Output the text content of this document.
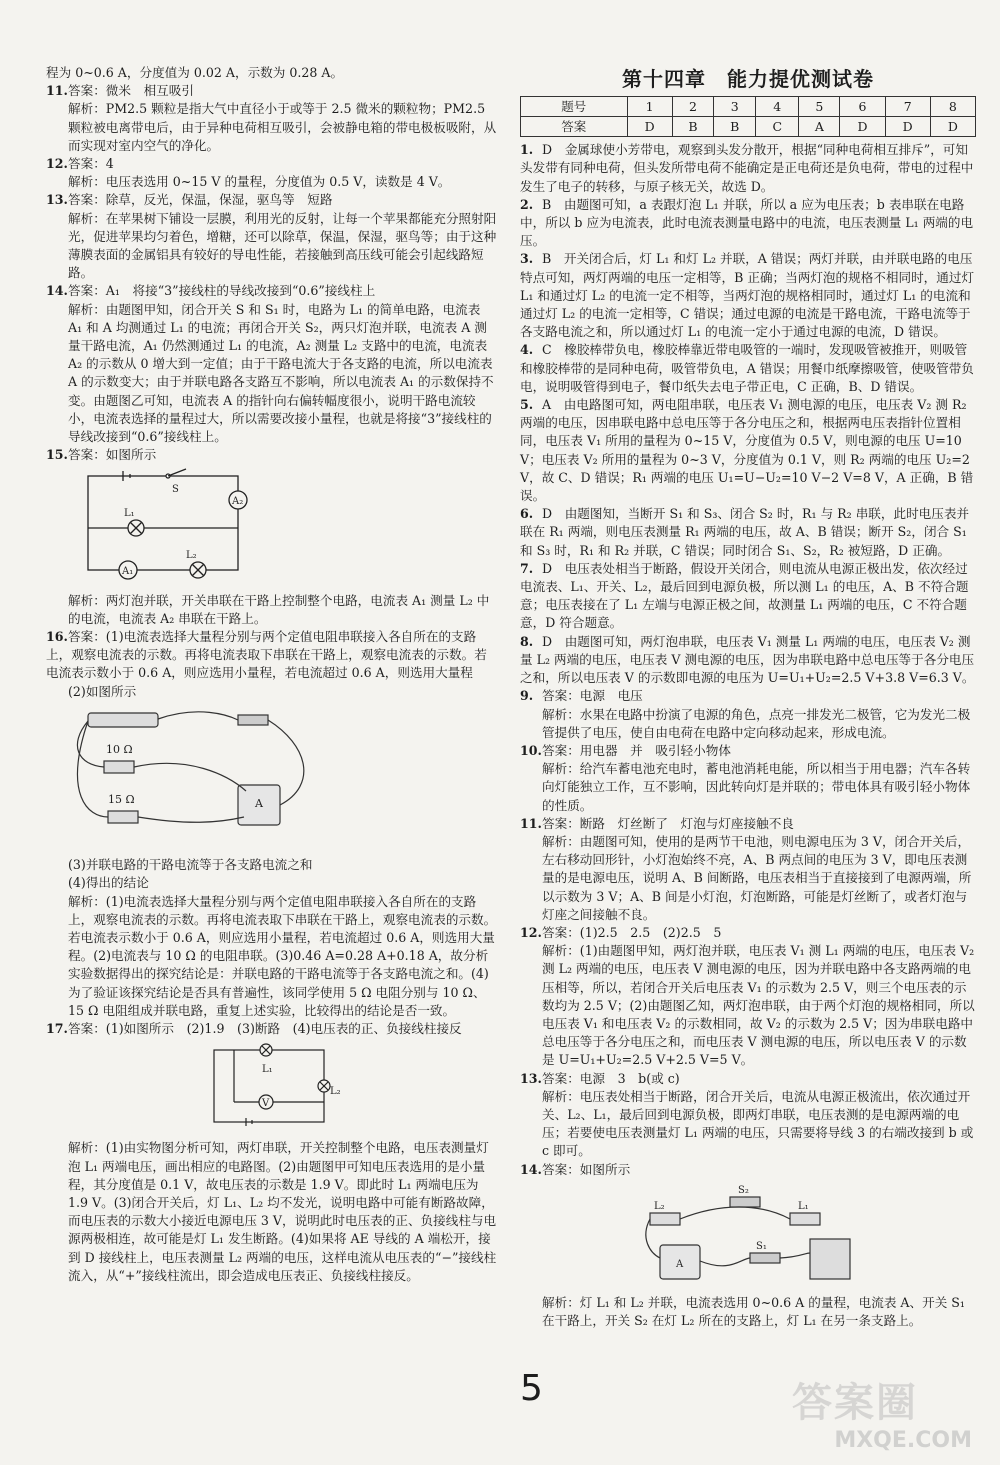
程为 0~0.6 A，分度值为 0.02 A，示数为 0.28 A。

11.答案：微米　相互吸引

解析：PM2.5 颗粒是指大气中直径小于或等于 2.5 微米的颗粒物；PM2.5 颗粒被电离带电后，由于异种电荷相互吸引，会被静电箱的带电极板吸附，从而实现对室内空气的净化。

12.答案：4

解析：电压表选用 0~15 V 的量程，分度值为 0.5 V，读数是 4 V。

13.答案：除草，反光，保温，保湿，驱鸟等　短路

解析：在苹果树下铺设一层膜，利用光的反射，让每一个苹果都能充分照射阳光，促进苹果均匀着色，增糖，还可以除草，保温，保湿，驱鸟等；由于这种薄膜表面的金属铝具有较好的导电性能，若接触到高压线可能会引起线路短路。

14.答案：A₁　将接“3”接线柱的导线改接到“0.6”接线柱上

解析：由题图甲知，闭合开关 S 和 S₁ 时，电路为 L₁ 的简单电路，电流表 A₁ 和 A 均测通过 L₁ 的电流；再闭合开关 S₂，两只灯泡并联，电流表 A 测量干路电流，A₁ 仍然测通过 L₁ 的电流，A₂ 测量 L₂ 支路中的电流，电流表 A₂ 的示数从 0 增大到一定值；由于干路电流大于各支路的电流，所以电流表 A 的示数变大；由于并联电路各支路互不影响，所以电流表 A₁ 的示数保持不变。由题图乙可知，电流表 A 的指针向右偏转幅度很小，说明干路电流较小，电流表选择的量程过大，所以需要改接小量程，也就是将接“3”接线柱的导线改接到“0.6”接线柱上。

15.答案：如图所示

S
A₂
L₁
A₁
L₂

解析：两灯泡并联，开关串联在干路上控制整个电路，电流表 A₁ 测量 L₂ 中的电流，电流表 A₂ 串联在干路上。

16.答案：(1)电流表选择大量程分别与两个定值电阻串联接入各自所在的支路上，观察电流表的示数。再将电流表取下串联在干路上，观察电流表的示数。若电流表示数小于 0.6 A，则应选用小量程，若电流超过 0.6 A，则选用大量程

(2)如图所示

10 Ω
15 Ω	A

(3)并联电路的干路电流等于各支路电流之和

(4)得出的结论

解析：(1)电流表选择大量程分别与两个定值电阻串联接入各自所在的支路上，观察电流表的示数。再将电流表取下串联在干路上，观察电流表的示数。若电流表示数小于 0.6 A，则应选用小量程，若电流超过 0.6 A，则选用大量程。(2)电流表与 10 Ω 的电阻串联。(3)0.46 A=0.28 A+0.18 A，故分析实验数据得出的探究结论是：并联电路的干路电流等于各支路电流之和。(4)为了验证该探究结论是否具有普遍性，该同学使用 5 Ω 电阻分别与 10 Ω、15 Ω 电阻组成并联电路，重复上述实验，比较得出的结论是否一致。

17.答案：(1)如图所示　(2)1.9　(3)断路　(4)电压表的正、负接线柱接反

L₁
V
L₂

解析：(1)由实物图分析可知，两灯串联，开关控制整个电路，电压表测量灯泡 L₁ 两端电压，画出相应的电路图。(2)由题图甲可知电压表选用的是小量程，其分度值是 0.1 V，故电压表的示数是 1.9 V。即此时 L₁ 两端电压为 1.9 V。(3)闭合开关后，灯 L₁、L₂ 均不发光，说明电路中可能有断路故障，而电压表的示数大小接近电源电压 3 V，说明此时电压表的正、负接线柱与电源两极相连，故可能是灯 L₁ 发生断路。(4)如果将 AE 导线的 A 端松开，接到 D 接线柱上，电压表测量 L₂ 两端的电压，这样电流从电压表的“−”接线柱流入，从“+”接线柱流出，即会造成电压表正、负接线柱接反。

第十四章　能力提优测试卷
题号	1	2	3	4	5	6	7	8
答案	D	B	B	C	A	D	D	D

1. D　金属球使小芳带电，观察到头发分散开，根据“同种电荷相互排斥”，可知头发带有同种电荷，但头发所带电荷不能确定是正电荷还是负电荷，带电的过程中发生了电子的转移，与原子核无关，故选 D。

2. B　由题图可知，a 表跟灯泡 L₁ 并联，所以 a 应为电压表；b 表串联在电路中，所以 b 应为电流表，此时电流表测量电路中的电流，电压表测量 L₁ 两端的电压。

3. B　开关闭合后，灯 L₁ 和灯 L₂ 并联，A 错误；两灯并联，由并联电路的电压特点可知，两灯两端的电压一定相等，B 正确；当两灯泡的规格不相同时，通过灯 L₁ 和通过灯 L₂ 的电流一定不相等，当两灯泡的规格相同时，通过灯 L₁ 的电流和通过灯 L₂ 的电流一定相等，C 错误；通过电源的电流是干路电流，干路电流等于各支路电流之和，所以通过灯 L₁ 的电流一定小于通过电源的电流，D 错误。

4. C　橡胶棒带负电，橡胶棒靠近带电吸管的一端时，发现吸管被推开，则吸管和橡胶棒带的是同种电荷，吸管带负电，A 错误；用餐巾纸摩擦吸管，使吸管带负电，说明吸管得到电子，餐巾纸失去电子带正电，C 正确，B、D 错误。

5. A　由电路图可知，两电阻串联，电压表 V₁ 测电源的电压，电压表 V₂ 测 R₂ 两端的电压，因串联电路中总电压等于各分电压之和，根据两电压表指针位置相同，电压表 V₁ 所用的量程为 0~15 V，分度值为 0.5 V，则电源的电压 U=10 V；电压表 V₂ 所用的量程为 0~3 V，分度值为 0.1 V，则 R₂ 两端的电压 U₂=2 V，故 C、D 错误；R₁ 两端的电压 U₁=U−U₂=10 V−2 V=8 V，A 正确，B 错误。

6. D　由题图知，当断开 S₁ 和 S₃、闭合 S₂ 时，R₁ 与 R₂ 串联，此时电压表并联在 R₁ 两端，则电压表测量 R₁ 两端的电压，故 A、B 错误；断开 S₂，闭合 S₁ 和 S₃ 时，R₁ 和 R₂ 并联，C 错误；同时闭合 S₁、S₂，R₂ 被短路，D 正确。

7. D　电压表处相当于断路，假设开关闭合，则电流从电源正极出发，依次经过电流表、L₁、开关、L₂，最后回到电源负极，所以测 L₁ 的电压，A、B 不符合题意；电压表接在了 L₁ 左端与电源正极之间，故测量 L₁ 两端的电压，C 不符合题意，D 符合题意。

8. D　由题图可知，两灯泡串联，电压表 V₁ 测量 L₁ 两端的电压，电压表 V₂ 测量 L₂ 两端的电压，电压表 V 测电源的电压，因为串联电路中总电压等于各分电压之和，所以电压表 V 的示数即电源的电压为 U=U₁+U₂=2.5 V+3.8 V=6.3 V。

9. 答案：电源　电压

解析：水果在电路中扮演了电源的角色，点亮一排发光二极管，它为发光二极管提供了电压，使自由电荷在电路中定向移动起来，形成电流。

10.答案：用电器　并　吸引轻小物体

解析：给汽车蓄电池充电时，蓄电池消耗电能，所以相当于用电器；汽车各转向灯能独立工作，互不影响，因此转向灯是并联的；带电体具有吸引轻小物体的性质。

11.答案：断路　灯丝断了　灯泡与灯座接触不良

解析：由题图可知，使用的是两节干电池，则电源电压为 3 V，闭合开关后，左右移动回形针，小灯泡始终不亮，A、B 两点间的电压为 3 V，即电压表测量的是电源电压，说明 A、B 间断路，电压表相当于直接接到了电源两端，所以示数为 3 V；A、B 间是小灯泡，灯泡断路，可能是灯丝断了，或者灯泡与灯座之间接触不良。

12.答案：(1)2.5　2.5　(2)2.5　5

解析：(1)由题图甲知，两灯泡并联，电压表 V₁ 测 L₁ 两端的电压，电压表 V₂ 测 L₂ 两端的电压，电压表 V 测电源的电压，因为并联电路中各支路两端的电压相等，所以，若闭合开关后电压表 V₁ 的示数为 2.5 V，则三个电压表的示数均为 2.5 V；(2)由题图乙知，两灯泡串联，由于两个灯泡的规格相同，所以电压表 V₁ 和电压表 V₂ 的示数相同，故 V₂ 的示数为 2.5 V；因为串联电路中总电压等于各分电压之和，而电压表 V 测电源的电压，所以电压表 V 的示数是 U=U₁+U₂=2.5 V+2.5 V=5 V。

13.答案：电源　3　b(或 c)

解析：电压表处相当于断路，闭合开关后，电流从电源正极流出，依次通过开关、L₂、L₁，最后回到电源负极，即两灯串联，电压表测的是电源两端的电压；若要使电压表测量灯 L₁ 两端的电压，只需要将导线 3 的右端改接到 b 或 c 即可。

14.答案：如图所示

S₂
L₂	L₁
S₁
A

解析：灯 L₁ 和 L₂ 并联，电流表选用 0~0.6 A 的量程，电流表 A、开关 S₁ 在干路上，开关 S₂ 在灯 L₂ 所在的支路上，灯 L₁ 在另一条支路上。

5	答案圈
MXQE.COM
